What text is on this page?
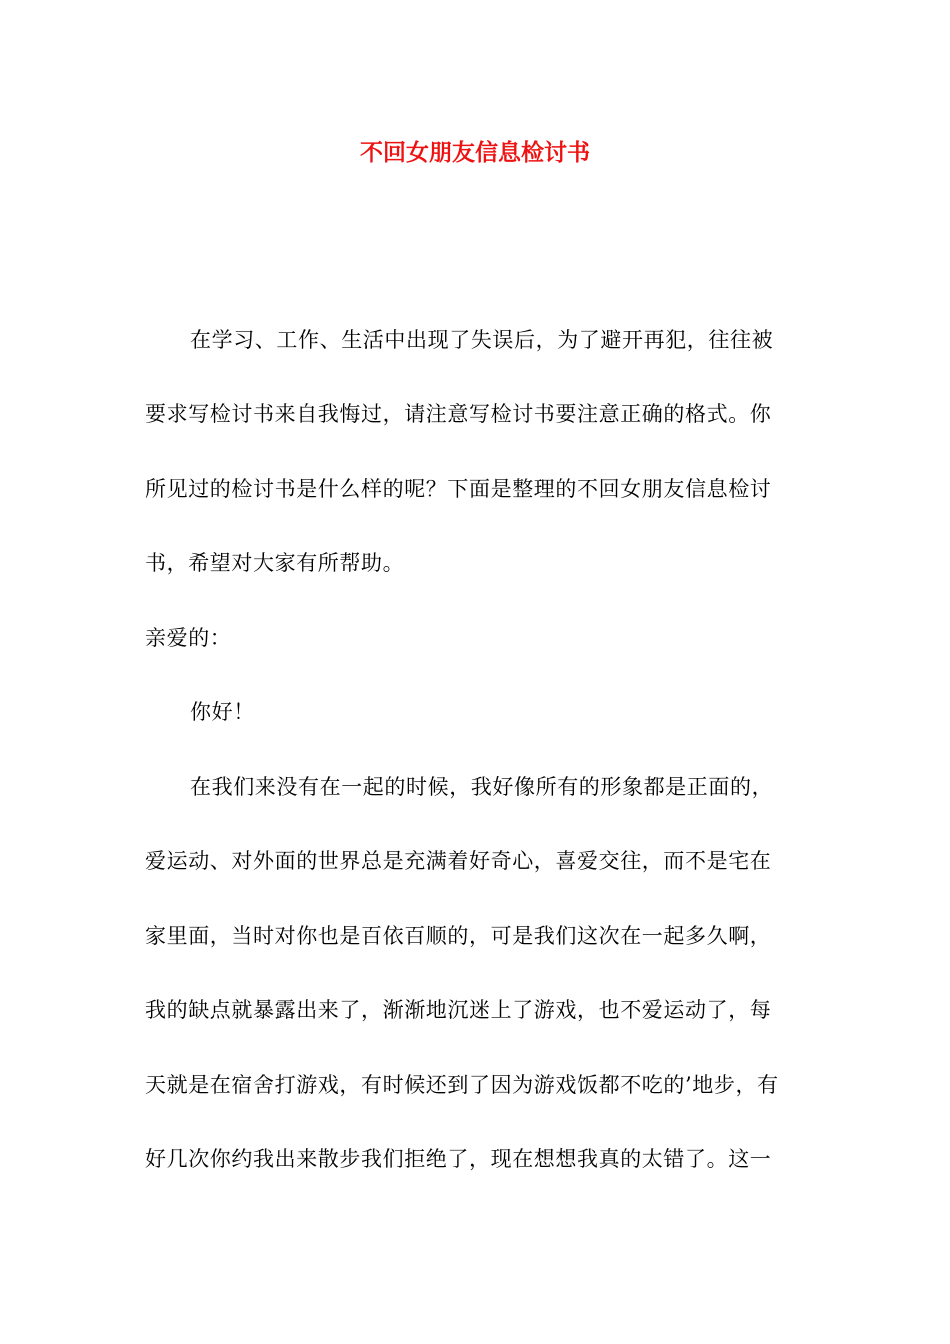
不回女朋友信息检讨书
在学习、工作、生活中出现了失误后，为了避开再犯，往往被
要求写检讨书来自我悔过，请注意写检讨书要注意正确的格式。你
所见过的检讨书是什么样的呢？下面是整理的不回女朋友信息检讨
书，希望对大家有所帮助。
亲爱的：
你好！
在我们来没有在一起的时候，我好像所有的形象都是正面的，
爱运动、对外面的世界总是充满着好奇心，喜爱交往，而不是宅在
家里面，当时对你也是百依百顺的，可是我们这次在一起多久啊，
我的缺点就暴露出来了，渐渐地沉迷上了游戏，也不爱运动了，每
天就是在宿舍打游戏，有时候还到了因为游戏饭都不吃的’地步，有
好几次你约我出来散步我们拒绝了，现在想想我真的太错了。这一
